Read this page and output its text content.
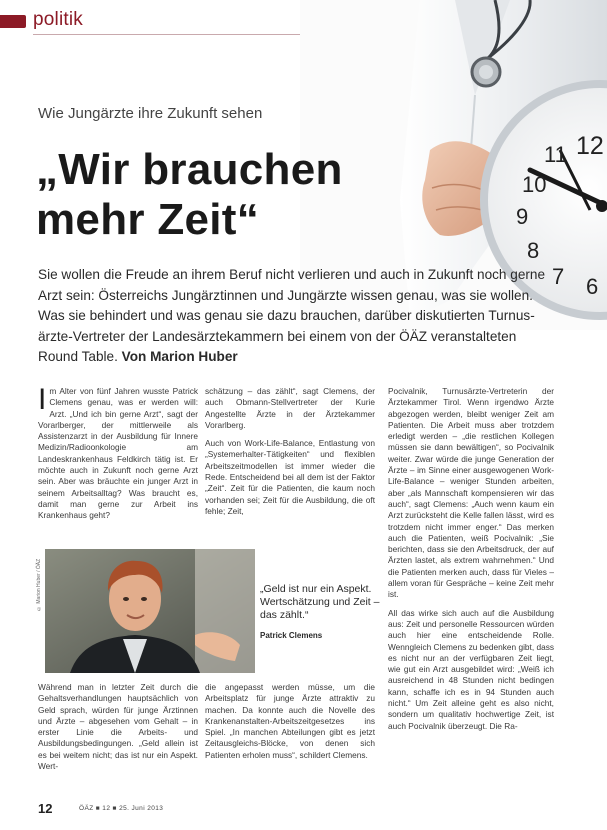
politik
12
11
10
9
8
7 6
Wie Jungärzte ihre Zukunft sehen
„Wir brauchen mehr Zeit“
Sie wollen die Freude an ihrem Beruf nicht verlieren und auch in Zukunft noch gerne Arzt sein: Österreichs Jungärztinnen und Jungärzte wissen genau, was sie wollen. Was sie behindert und was genau sie dazu brauchen, darüber diskutierten Turnus-ärzte-Vertreter der Landesärztekammern bei einem von der ÖÄZ veranstalteten Round Table. Von Marion Huber

Im Alter von fünf Jahren wusste Patrick Clemens genau, was er werden will: Arzt. „Und ich bin gerne Arzt“, sagt der Vorarlberger, der mittlerweile als Assistenzarzt in der Ausbildung für Innere Medizin/Radioonkologie am Landeskrankenhaus Feldkirch tätig ist. Er möchte auch in Zukunft noch gerne Arzt sein. Aber was bräuchte ein junger Arzt in seinem Arbeitsalltag? Was braucht es, damit man gerne zur Arbeit ins Krankenhaus geht?

schätzung – das zählt“, sagt Clemens, der auch Obmann-Stellvertreter der Kurie Angestellte Ärzte in der Ärztekammer Vorarlberg.

Auch von Work-Life-Balance, Entlastung von „Systemerhalter-Tätigkeiten“ und flexiblen Arbeitszeitmodellen ist immer wieder die Rede. Entscheidend bei all dem ist der Faktor „Zeit“. Zeit für die Patienten, die kaum noch vorhanden sei; Zeit für die Ausbildung, die oft fehle; Zeit,

Pocivalnik, Turnusärzte-Vertreterin der Ärztekammer Tirol. Wenn irgendwo Ärzte abgezogen werden, bleibt weniger Zeit am Patienten. Die Arbeit muss aber trotzdem erledigt werden – „die restlichen Kollegen müssen sie dann bewältigen“, so Pocivalnik weiter. Zwar würde die junge Generation der Ärzte – im Sinne einer ausgewogenen Work-Life-Balance – weniger Stunden arbeiten, aber „als Mannschaft kompensieren wir das auch“, sagt Clemens: „Auch wenn kaum ein Arzt zurücksteht die Kelle fallen lässt, wird es trotzdem nicht immer enger.“ Das merken auch die Patienten, weiß Pocivalnik: „Sie berichten, dass sie den Arbeitsdruck, der auf Ärzten lastet, als extrem wahrnehmen.“ Und die Patienten merken auch, dass für Vieles – allem voran für Gespräche – keine Zeit mehr ist.

All das wirke sich auch auf die Ausbildung aus: Zeit und personelle Ressourcen würden auch hier eine entscheidende Rolle. Wenngleich Clemens zu bedenken gibt, dass es nicht nur an der verfügbaren Zeit liegt, wie gut ein Arzt ausgebildet wird: „Weiß ich ausreichend in 48 Stunden nicht bedingen kann, schaffe ich es in 94 Stunden auch nicht.“ Um Zeit alleine geht es also nicht, sondern um qualitativ hochwertige Zeit, ist auch Pocivalnik überzeugt. Die Ra-

© Marion Huber / ÖÄZ	„Geld ist nur ein Aspekt. Wertschätzung und Zeit – das zählt.“
Patrick Clemens

Während man in letzter Zeit durch die Gehaltsverhandlungen hauptsächlich von Geld sprach, würden für junge Ärztinnen und Ärzte – abgesehen vom Gehalt – in erster Linie die Arbeits- und Ausbildungsbedingungen. „Geld allein ist es bei weitem nicht; das ist nur ein Aspekt. Wert-

die angepasst werden müsse, um die Arbeitsplatz für junge Ärzte attraktiv zu machen. Da konnte auch die Novelle des Krankenanstalten-Arbeitszeitgesetzes ins Spiel. „In manchen Abteilungen gibt es jetzt Zeitausgleichs-Blöcke, von denen sich Patienten erholen muss“, schildert Clemens.

12	ÖÄZ ■ 12 ■ 25. Juni 2013
